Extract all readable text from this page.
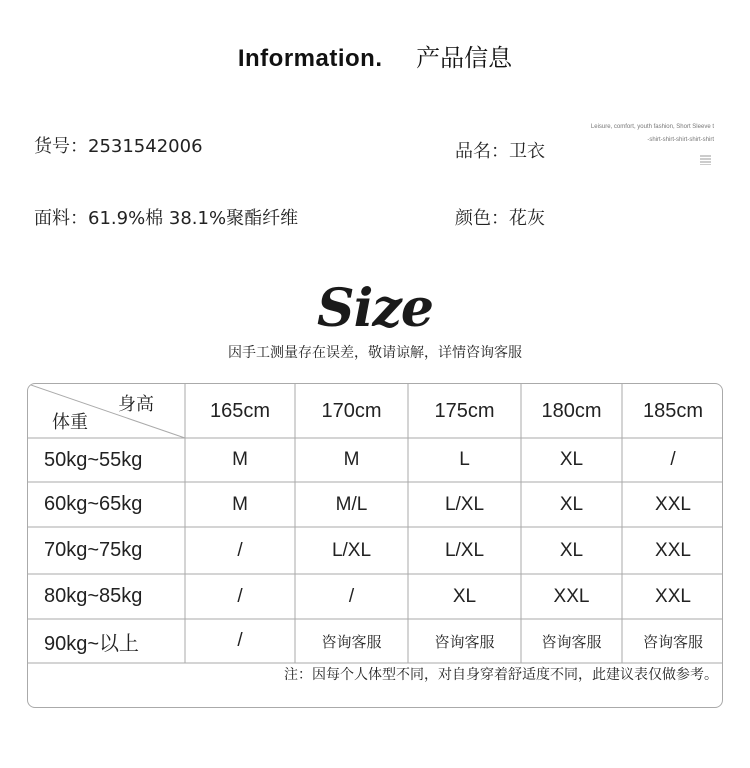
Information. 产品信息
货号：2531542006	品名：卫衣
面料：61.9%棉 38.1%聚酯纤维	颜色：花灰
Leisure, comfort, youth fashion, Short Sleeve t
-shirt-shirt-shirt-shirt-shirt
Size
因手工测量存在误差，敬请谅解，详情咨询客服
身高
体重
165cm	170cm	175cm	180cm	185cm
50kg~55kg	M	M	L	XL	/
60kg~65kg	M	M/L	L/XL	XL	XXL
70kg~75kg	/	L/XL	L/XL	XL	XXL
80kg~85kg	/	/	XL	XXL	XXL
90kg~以上	/	咨询客服	咨询客服	咨询客服	咨询客服
注：因每个人体型不同，对自身穿着舒适度不同，此建议表仅做参考。
